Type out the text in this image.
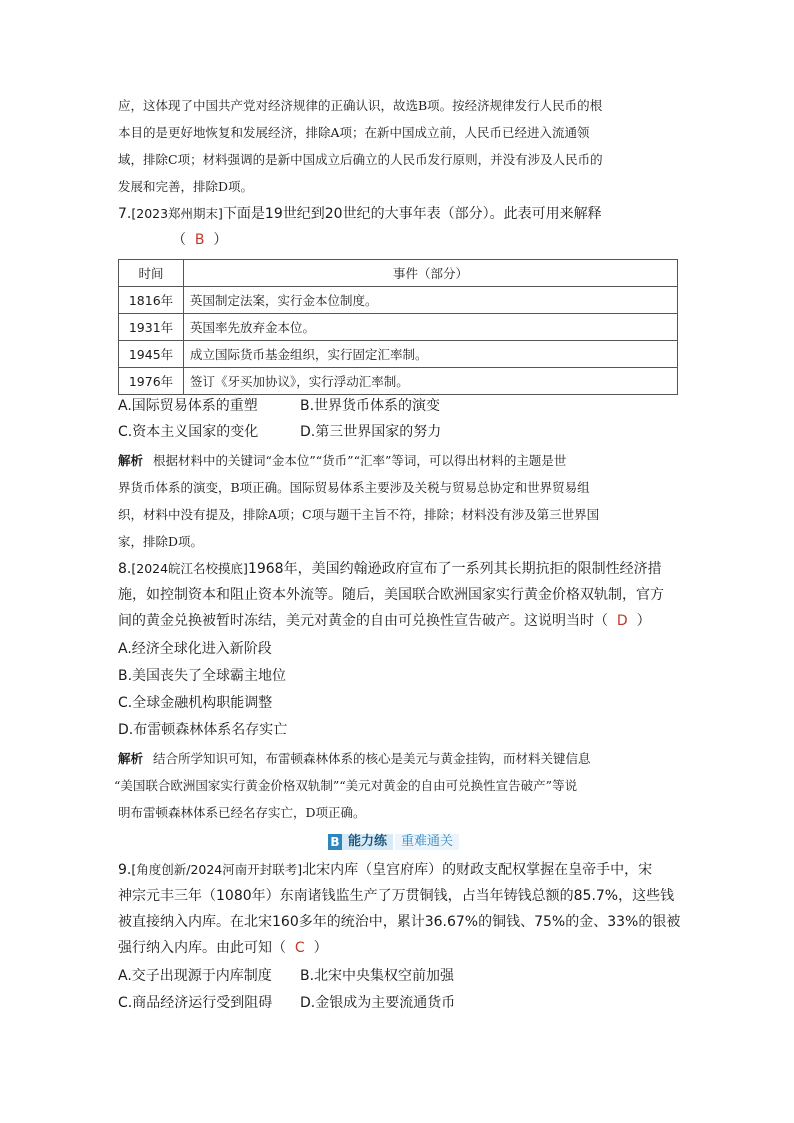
应，这体现了中国共产党对经济规律的正确认识，故选B项。按经济规律发行人民币的根
本目的是更好地恢复和发展经济，排除A项；在新中国成立前，人民币已经进入流通领
域，排除C项；材料强调的是新中国成立后确立的人民币发行原则，并没有涉及人民币的
发展和完善，排除D项。
7.[2023郑州期末]下面是19世纪到20世纪的大事年表（部分）。此表可用来解释
（ B ）
时间	事件（部分）
1816年	英国制定法案，实行金本位制度。
1931年	英国率先放弃金本位。
1945年	成立国际货币基金组织，实行固定汇率制。
1976年	签订《牙买加协议》，实行浮动汇率制。
A.国际贸易体系的重塑	B.世界货币体系的演变
C.资本主义国家的变化	D.第三世界国家的努力
解析 根据材料中的关键词“金本位”“货币”“汇率”等词，可以得出材料的主题是世
界货币体系的演变，B项正确。国际贸易体系主要涉及关税与贸易总协定和世界贸易组
织，材料中没有提及，排除A项；C项与题干主旨不符，排除；材料没有涉及第三世界国
家，排除D项。
8.[2024皖江名校摸底]1968年，美国约翰逊政府宣布了一系列其长期抗拒的限制性经济措
施，如控制资本和阻止资本外流等。随后，美国联合欧洲国家实行黄金价格双轨制，官方
间的黄金兑换被暂时冻结，美元对黄金的自由可兑换性宣告破产。这说明当时（ D ）
A.经济全球化进入新阶段
B.美国丧失了全球霸主地位
C.全球金融机构职能调整
D.布雷顿森林体系名存实亡
解析 结合所学知识可知，布雷顿森林体系的核心是美元与黄金挂钩，而材料关键信息
“美国联合欧洲国家实行黄金价格双轨制”“美元对黄金的自由可兑换性宣告破产”等说
明布雷顿森林体系已经名存实亡，D项正确。
B 能力练	重难通关
9.[角度创新/2024河南开封联考]北宋内库（皇宫府库）的财政支配权掌握在皇帝手中，宋
神宗元丰三年（1080年）东南诸钱监生产了万贯铜钱，占当年铸钱总额的85.7%，这些钱
被直接纳入内库。在北宋160多年的统治中，累计36.67%的铜钱、75%的金、33%的银被
强行纳入内库。由此可知（ C ）
A.交子出现源于内库制度 B.北宋中央集权空前加强
C.商品经济运行受到阻碍 D.金银成为主要流通货币
